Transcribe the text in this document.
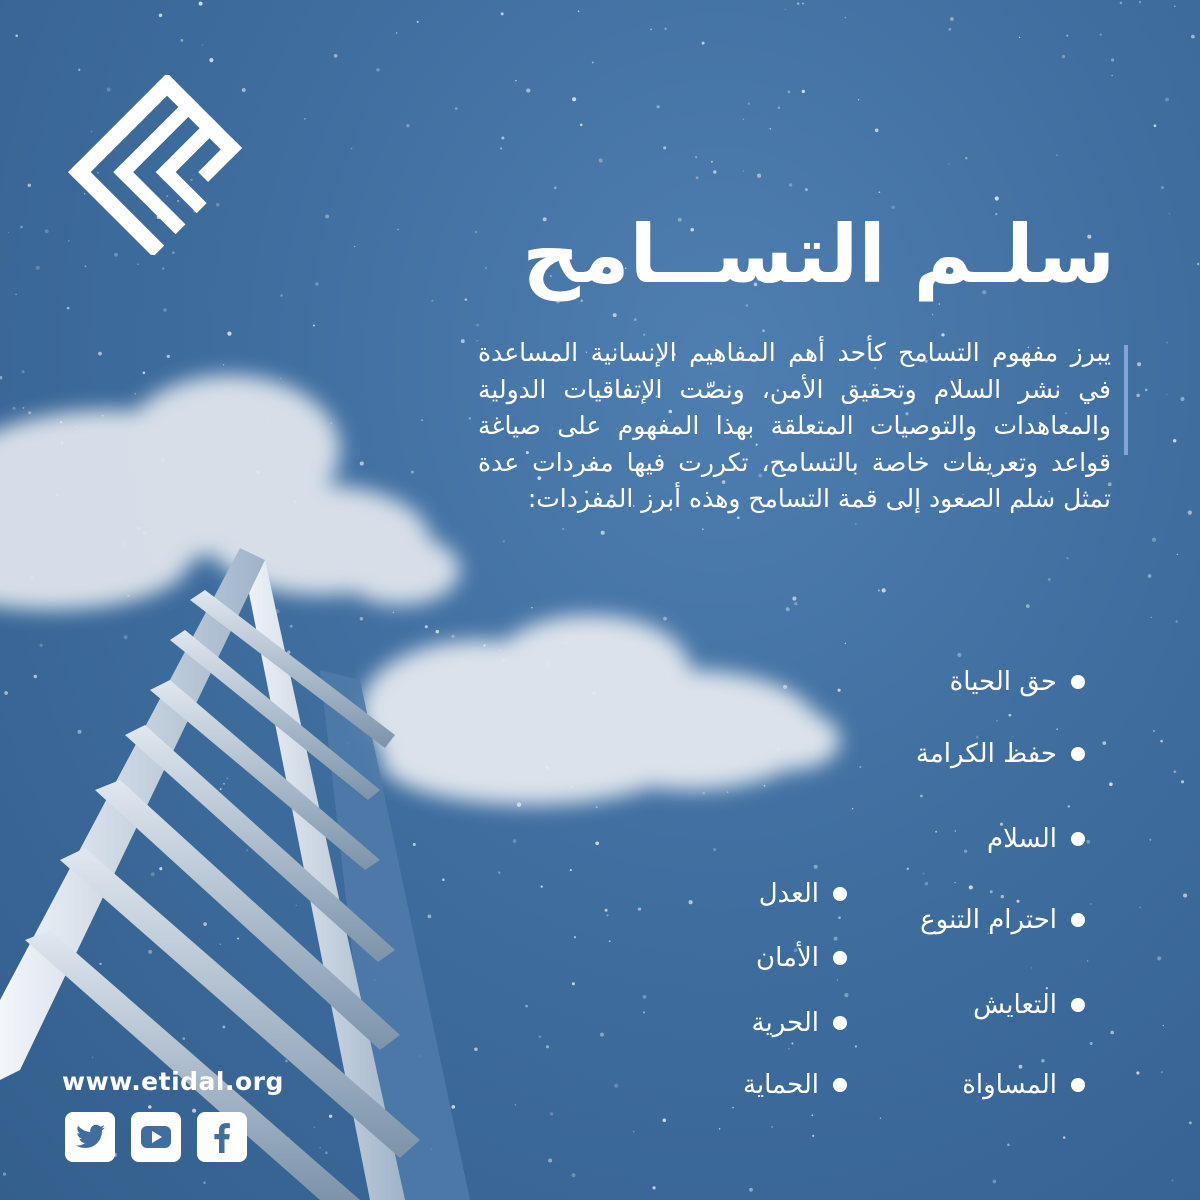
سلـم التســامح
يبرز مفهوم التسامح كأحد أهم المفاهيم الإنسانية المساعدة في نشر السلام وتحقيق الأمن، ونصّت الإتفاقيات الدولية والمعاهدات والتوصيات المتعلقة بهذا المفهوم على صياغة قواعد وتعريفات خاصة بالتسامح، تكررت فيها مفردات عدة تمثل سلم الصعود إلى قمة التسامح وهذه أبرز المفردات:
حق الحياة
حفظ الكرامة
السلام
احترام التنوع
التعايش
المساواة
العدل
الأمان
الحرية
الحماية
www.etidal.org
